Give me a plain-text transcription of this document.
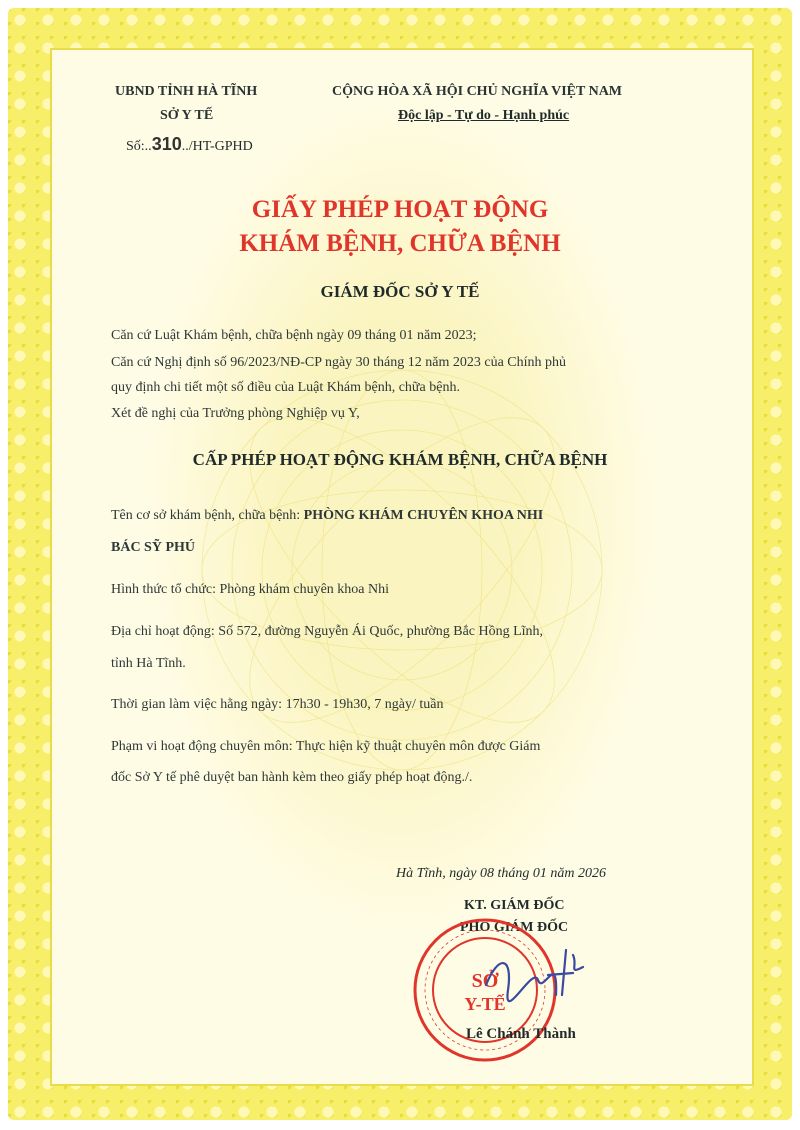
UBND TỈNH HÀ TĨNH
SỞ Y TẾ
Số:..310../HT-GPHD
CỘNG HÒA XÃ HỘI CHỦ NGHĨA VIỆT NAM
Độc lập - Tự do - Hạnh phúc
GIẤY PHÉP HOẠT ĐỘNG
KHÁM BỆNH, CHỮA BỆNH
GIÁM ĐỐC SỞ Y TẾ
Căn cứ Luật Khám bệnh, chữa bệnh ngày 09 tháng 01 năm 2023;
Căn cứ Nghị định số 96/2023/NĐ-CP ngày 30 tháng 12 năm 2023 của Chính phủ
quy định chi tiết một số điều của Luật Khám bệnh, chữa bệnh.
Xét đề nghị của Trưởng phòng Nghiệp vụ Y,
CẤP PHÉP HOẠT ĐỘNG KHÁM BỆNH, CHỮA BỆNH
Tên cơ sở khám bệnh, chữa bệnh: PHÒNG KHÁM CHUYÊN KHOA NHI
BÁC SỸ PHÚ
Hình thức tổ chức: Phòng khám chuyên khoa Nhi
Địa chỉ hoạt động: Số 572, đường Nguyễn Ái Quốc, phường Bắc Hồng Lĩnh,
tỉnh Hà Tĩnh.
Thời gian làm việc hằng ngày: 17h30 - 19h30, 7 ngày/ tuần
Phạm vi hoạt động chuyên môn: Thực hiện kỹ thuật chuyên môn được Giám
đốc Sở Y tế phê duyệt ban hành kèm theo giấy phép hoạt động./.
Hà Tĩnh, ngày 08 tháng 01 năm 2026
KT. GIÁM ĐỐC
PHÓ GIÁM ĐỐC
SỞ
Y-TẾ
Lê Chánh Thành
